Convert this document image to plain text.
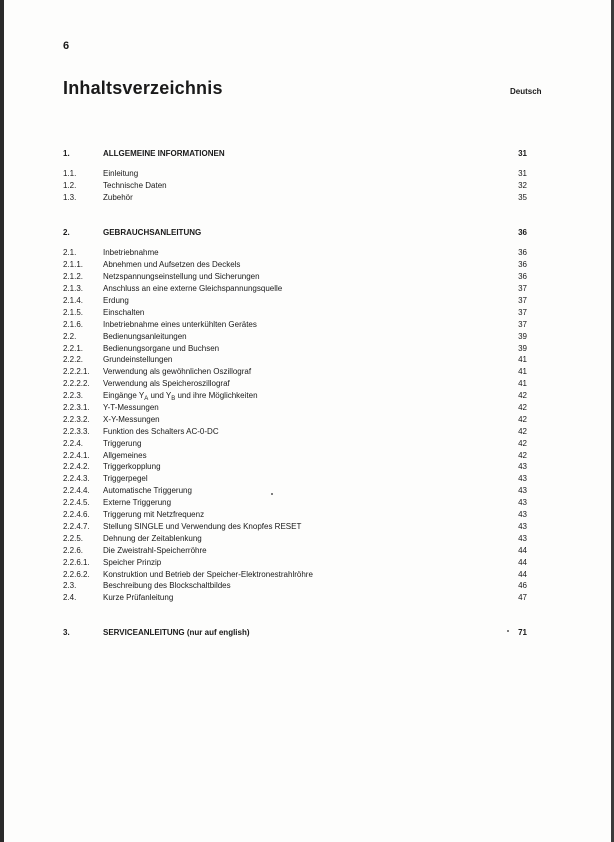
6
Inhaltsverzeichnis	Deutsch
1.	ALLGEMEINE INFORMATIONEN	31
1.1.	Einleitung	31
1.2.	Technische Daten	32
1.3.	Zubehör	35
2.	GEBRAUCHSANLEITUNG	36
2.1.	Inbetriebnahme	36
2.1.1. Abnehmen und Aufsetzen des Deckels	36
2.1.2. Netzspannungseinstellung und Sicherungen	36
2.1.3. Anschluss an eine externe Gleichspannungsquelle	37
2.1.4. Erdung	37
2.1.5. Einschalten	37
2.1.6. Inbetriebnahme eines unterkühlten Gerätes	37
2.2.	Bedienungsanleitungen	39
2.2.1. Bedienungsorgane und Buchsen	39
2.2.2. Grundeinstellungen	41
2.2.2.1. Verwendung als gewöhnlichen Oszillograf	41
2.2.2.2. Verwendung als Speicheroszillograf	41
2.2.3. Eingänge $Y_A$ und $Y_B$ und ihre Möglichkeiten	42
2.2.3.1. Y-T-Messungen	42
2.2.3.2. X-Y-Messungen	42
2.2.3.3. Funktion des Schalters AC-0-DC	42
2.2.4. Triggerung	42
2.2.4.1. Allgemeines	42
2.2.4.2. Triggerkopplung	43
2.2.4.3. Triggerpegel	43
2.2.4.4. Automatische Triggerung	43
2.2.4.5. Externe Triggerung	43
2.2.4.6. Triggerung mit Netzfrequenz	43
2.2.4.7. Stellung SINGLE und Verwendung des Knopfes RESET	43
2.2.5. Dehnung der Zeitablenkung	43
2.2.6. Die Zweistrahl-Speicherröhre	44
2.2.6.1. Speicher Prinzip	44
2.2.6.2. Konstruktion und Betrieb der Speicher-Elektronestrahlröhre	44
2.3.	Beschreibung des Blockschaltbildes	46
2.4.	Kurze Prüfanleitung	47
3.	SERVICEANLEITUNG (nur auf english)	71
